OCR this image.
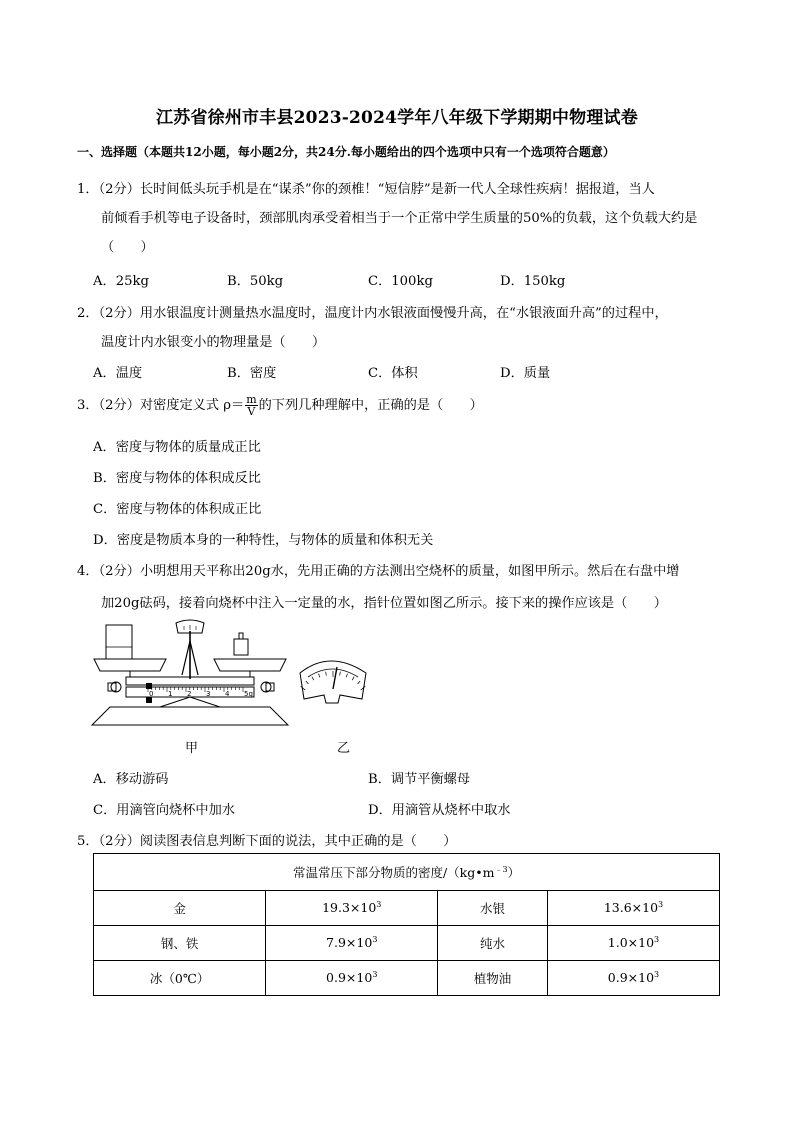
江苏省徐州市丰县2023-2024学年八年级下学期期中物理试卷
一、选择题（本题共12小题，每小题2分，共24分.每小题给出的四个选项中只有一个选项符合题意）
1．（2分）长时间低头玩手机是在“谋杀”你的颈椎！“短信脖”是新一代人全球性疾病！据报道，当人
前倾看手机等电子设备时，颈部肌肉承受着相当于一个正常中学生质量的50%的负载，这个负载大约是
（　　）
A．25kg	B．50kg	C．100kg	D．150kg
2．（2分）用水银温度计测量热水温度时，温度计内水银液面慢慢升高，在“水银液面升高”的过程中，
温度计内水银变小的物理量是（　　）
A．温度	B．密度	C．体积	D．质量
3．（2分）对密度定义式 $\rho= \frac{m}{V}$ 的下列几种理解中，正确的是（　　）
A．密度与物体的质量成正比
B．密度与物体的体积成反比
C．密度与物体的体积成正比
D．密度是物质本身的一种特性，与物体的质量和体积无关
4．（2分）小明想用天平称出20g水，先用正确的方法测出空烧杯的质量，如图甲所示。然后在右盘中增
加20g砝码，接着向烧杯中注入一定量的水，指针位置如图乙所示。接下来的操作应该是（　　）
0 1 2 3 4 5g
甲	乙
A．移动游码	B．调节平衡螺母
C．用滴管向烧杯中加水	D．用滴管从烧杯中取水
5．（2分）阅读图表信息判断下面的说法，其中正确的是（　　）
常温常压下部分物质的密度$/(kg•m^{﹣3})$			
金	$19.3\times 10^3$	水银	$13.6\times 10^3$
钢、铁	$7.9\times 10^3$	纯水	$1.0\times 10^3$
冰（0℃）	$0.9\times 10^3$	植物油	$0.9\times 10^3$
